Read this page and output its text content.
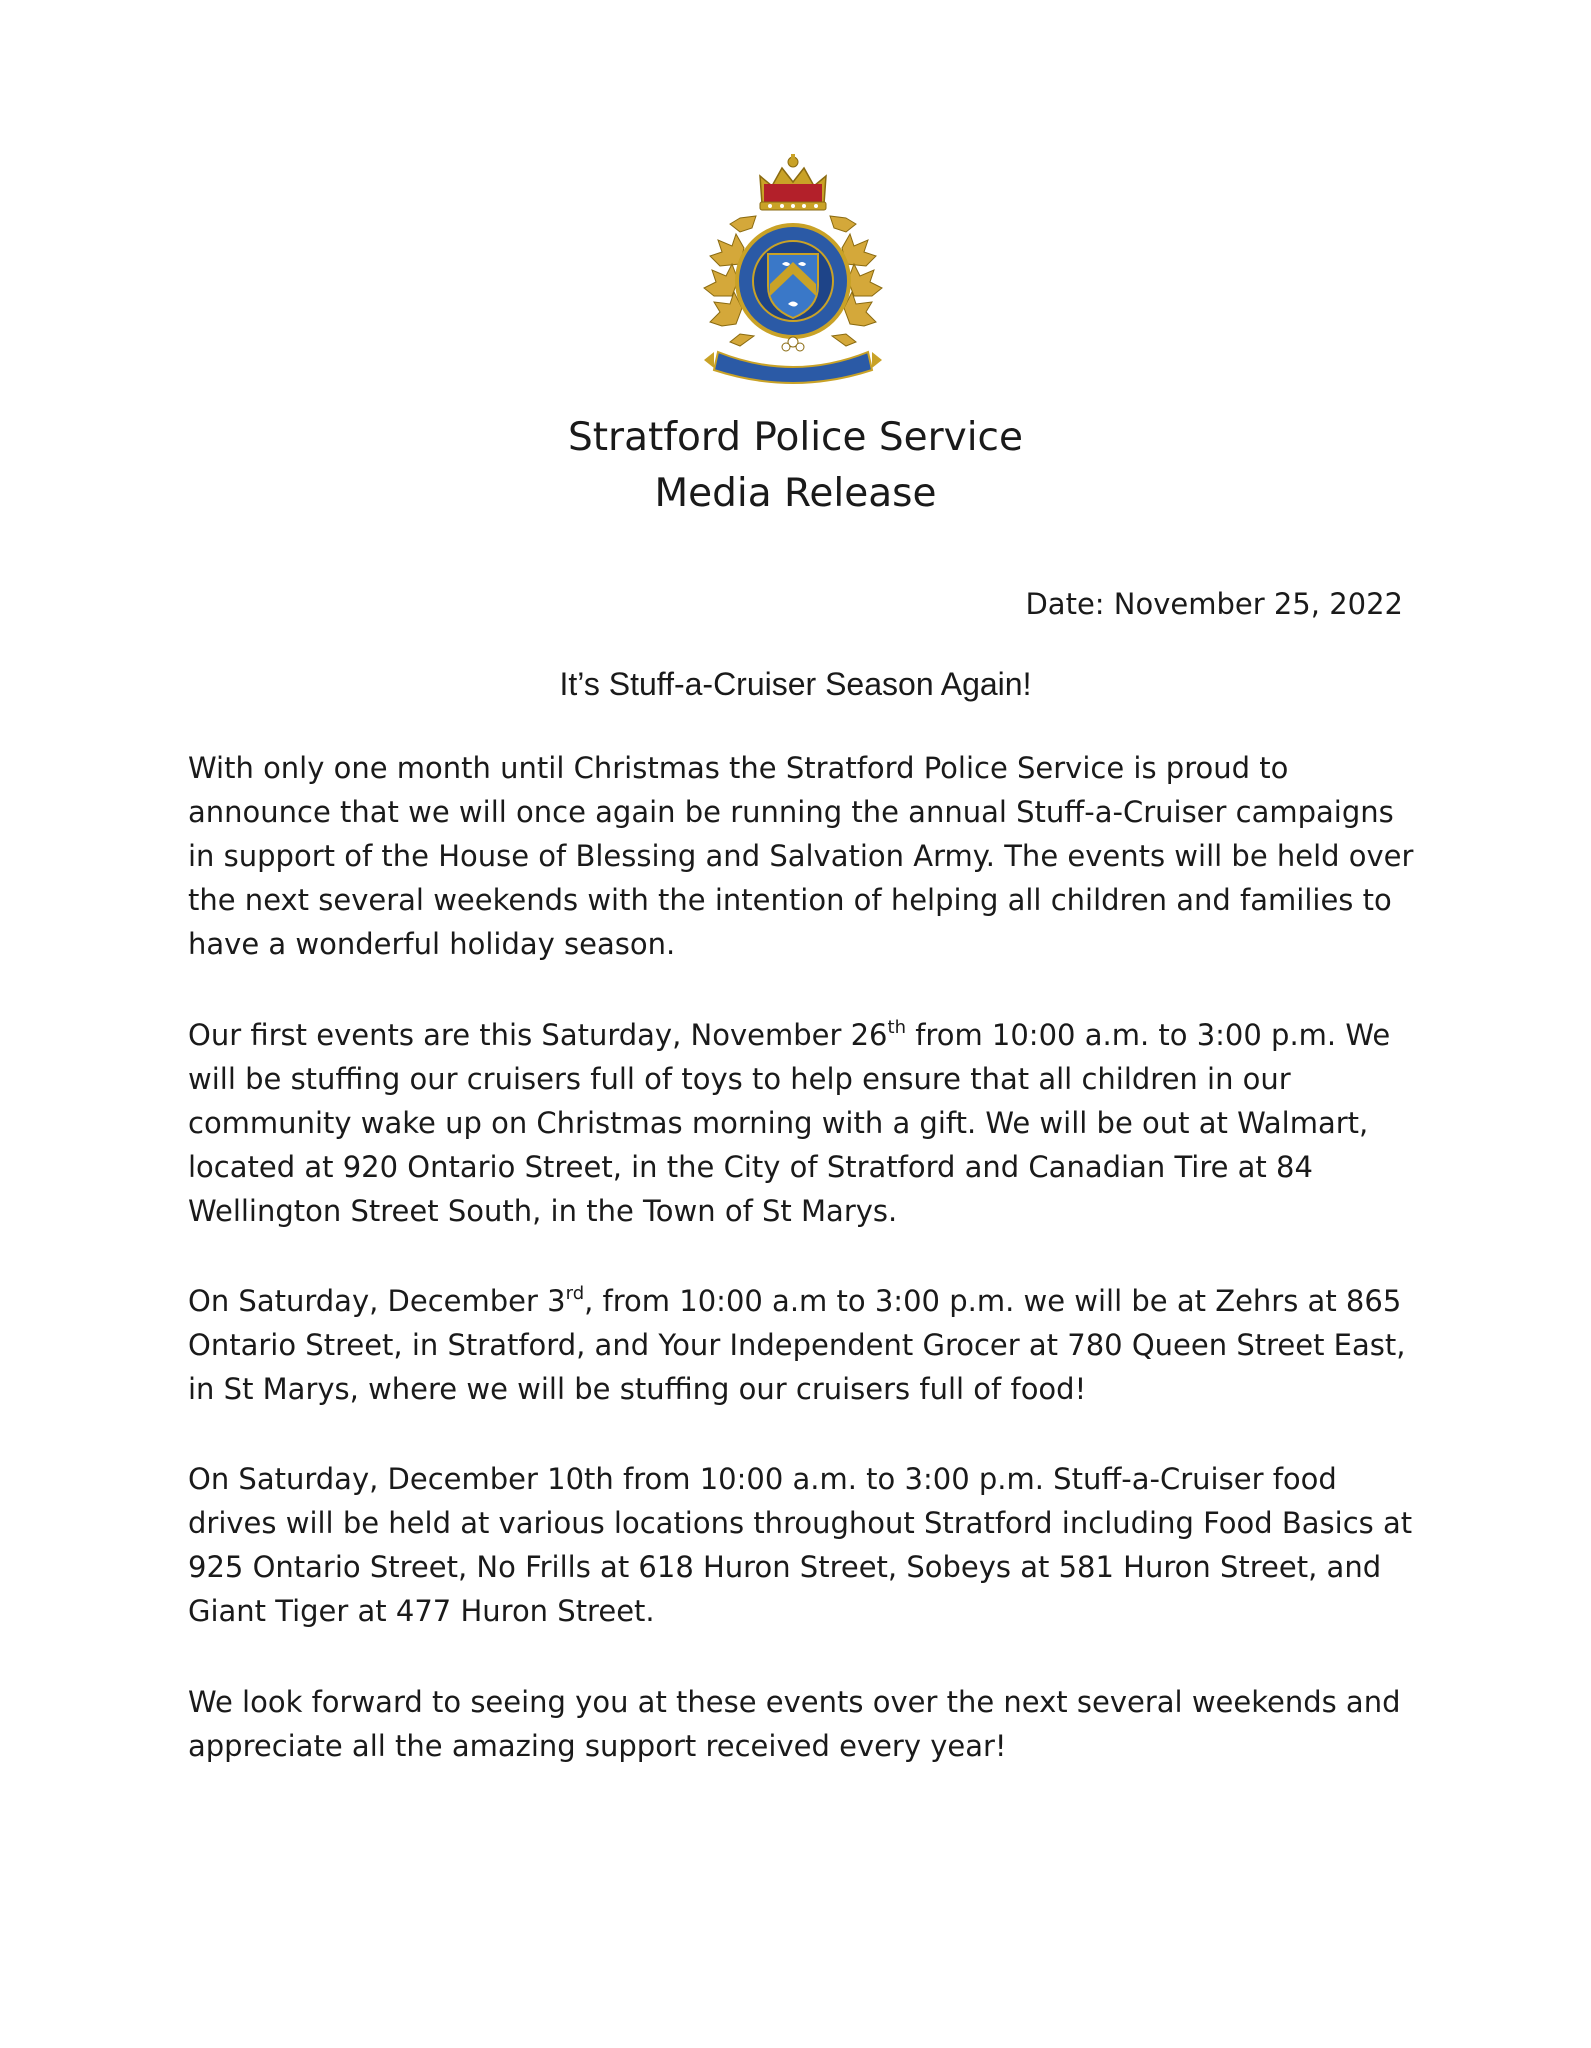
Stratford Police Service
Media Release
Date: November 25, 2022
It’s Stuff-a-Cruiser Season Again!

With only one month until Christmas the Stratford Police Service is proud to announce that we will once again be running the annual Stuff-a-Cruiser campaigns in support of the House of Blessing and Salvation Army. The events will be held over the next several weekends with the intention of helping all children and families to have a wonderful holiday season.

Our first events are this Saturday, November 26th from 10:00 a.m. to 3:00 p.m. We will be stuffing our cruisers full of toys to help ensure that all children in our community wake up on Christmas morning with a gift. We will be out at Walmart, located at 920 Ontario Street, in the City of Stratford and Canadian Tire at 84 Wellington Street South, in the Town of St Marys.

On Saturday, December 3rd, from 10:00 a.m to 3:00 p.m. we will be at Zehrs at 865 Ontario Street, in Stratford, and Your Independent Grocer at 780 Queen Street East, in St Marys, where we will be stuffing our cruisers full of food!

On Saturday, December 10th from 10:00 a.m. to 3:00 p.m. Stuff-a-Cruiser food drives will be held at various locations throughout Stratford including Food Basics at 925 Ontario Street, No Frills at 618 Huron Street, Sobeys at 581 Huron Street, and Giant Tiger at 477 Huron Street.

We look forward to seeing you at these events over the next several weekends and appreciate all the amazing support received every year!
